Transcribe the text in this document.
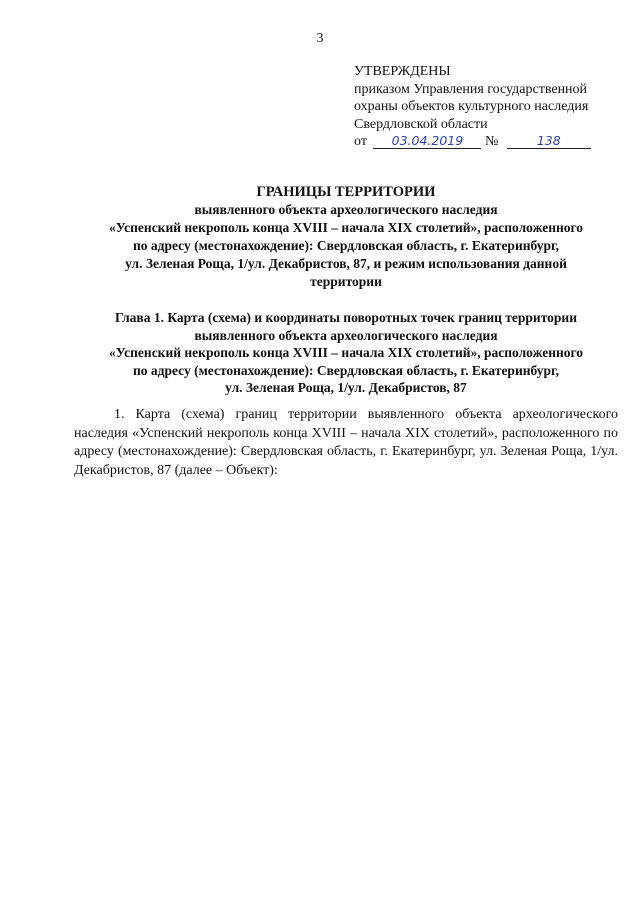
3
УТВЕРЖДЕНЫ
приказом Управления государственной
охраны объектов культурного наследия
Свердловской области
от 03.04.2019 №	138
ГРАНИЦЫ ТЕРРИТОРИИ
выявленного объекта археологического наследия
«Успенский некрополь конца XVIII – начала XIX столетий», расположенного
по адресу (местонахождение): Свердловская область, г. Екатеринбург,
ул. Зеленая Роща, 1/ул. Декабристов, 87, и режим использования данной
территории
Глава 1. Карта (схема) и координаты поворотных точек границ территории
выявленного объекта археологического наследия
«Успенский некрополь конца XVIII – начала XIX столетий», расположенного
по адресу (местонахождение): Свердловская область, г. Екатеринбург,
ул. Зеленая Роща, 1/ул. Декабристов, 87
1. Карта (схема) границ территории выявленного объекта археологического наследия «Успенский некрополь конца XVIII – начала XIX столетий», расположенного по адресу (местонахождение): Свердловская область, г. Екатеринбург, ул. Зеленая Роща, 1/ул. Декабристов, 87 (далее – Объект):
